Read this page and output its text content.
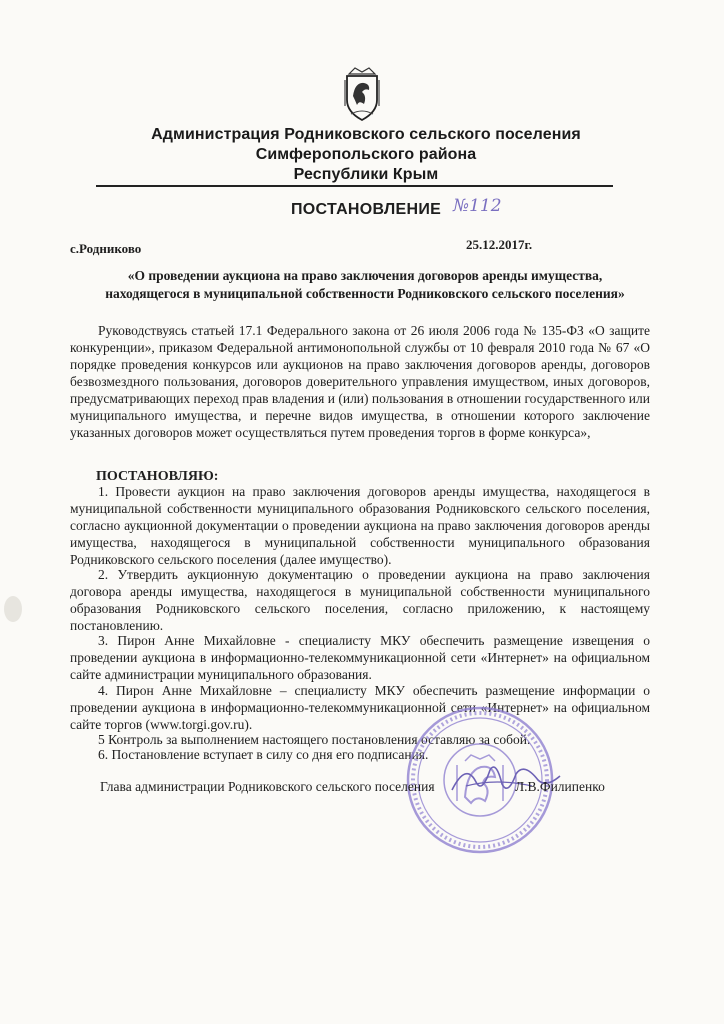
Администрация Родниковского сельского поселения
Симферопольского района
Республики Крым
ПОСТАНОВЛЕНИЕ №112
с.Родниково	25.12.2017г.
«О проведении аукциона на право заключения договоров аренды имущества,
находящегося в муниципальной собственности Родниковского сельского поселения»
Руководствуясь статьей 17.1 Федерального закона от 26 июля 2006 года № 135-ФЗ «О защите конкуренции», приказом Федеральной антимонопольной службы от 10 февраля 2010 года № 67 «О порядке проведения конкурсов или аукционов на право заключения договоров аренды, договоров безвозмездного пользования, договоров доверительного управления имуществом, иных договоров, предусматривающих переход прав владения и (или) пользования в отношении государственного или муниципального имущества, и перечне видов имущества, в отношении которого заключение указанных договоров может осуществляться путем проведения торгов в форме конкурса»,
ПОСТАНОВЛЯЮ:
1. Провести аукцион на право заключения договоров аренды имущества, находящегося в муниципальной собственности муниципального образования Родниковского сельского поселения, согласно аукционной документации о проведении аукциона на право заключения договоров аренды имущества, находящегося в муниципальной собственности муниципального образования Родниковского сельского поселения (далее имущество).
2. Утвердить аукционную документацию о проведении аукциона на право заключения договора аренды имущества, находящегося в муниципальной собственности муниципального образования Родниковского сельского поселения, согласно приложению, к настоящему постановлению.
3. Пирон Анне Михайловне - специалисту МКУ обеспечить размещение извещения о проведении аукциона в информационно-телекоммуникационной сети «Интернет» на официальном сайте администрации муниципального образования.
4. Пирон Анне Михайловне – специалисту МКУ обеспечить размещение информации о проведении аукциона в информационно-телекоммуникационной сети «Интернет» на официальном сайте торгов (www.torgi.gov.ru).
5 Контроль за выполнением настоящего постановления оставляю за собой.
6. Постановление вступает в силу со дня его подписания.
Глава администрации Родниковского сельского поселения	Л.В.Филипенко
